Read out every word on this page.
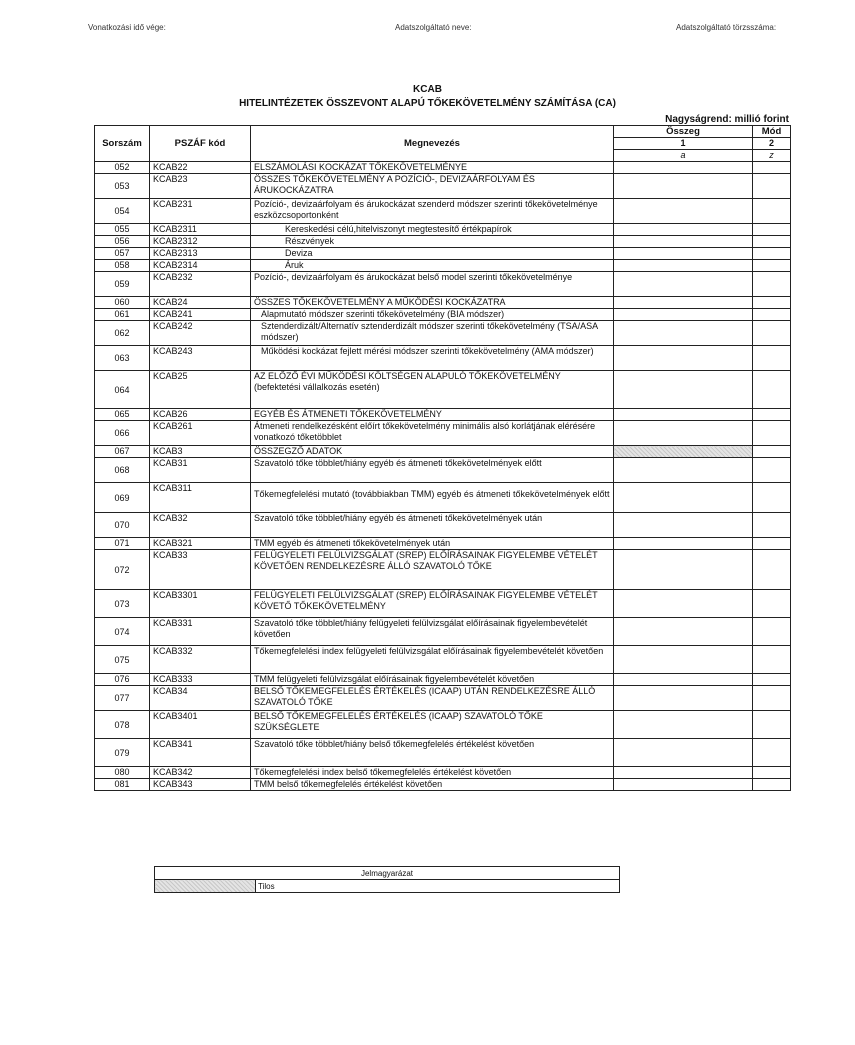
Vonatkozási idő vége:	Adatszolgáltató neve:	Adatszolgáltató törzsszáma:
KCAB
HITELINTÉZETEK ÖSSZEVONT ALAPÚ TŐKEKÖVETELMÉNY SZÁMÍTÁSA (CA)
Nagyságrend: millió forint
Sorszám	PSZÁF kód	Megnevezés	Összeg	Mód
			1	2
			a	z
052	KCAB22	ELSZÁMOLÁSI KOCKÁZAT TŐKEKÖVETELMÉNYE		
053	KCAB23	ÖSSZES TŐKEKÖVETELMÉNY A POZÍCIÓ-, DEVIZAÁRFOLYAM ÉS ÁRUKOCKÁZATRA		
054	KCAB231	Pozíció-, devizaárfolyam és árukockázat szenderd módszer szerinti tőkekövetelménye eszközcsoportonként		
055	KCAB2311	Kereskedési célú,hitelviszonyt megtestesítő értékpapírok		
056	KCAB2312	Részvények		
057	KCAB2313	Deviza		
058	KCAB2314	Áruk		
059	KCAB232	Pozíció-, devizaárfolyam és árukockázat belső model szerinti tőkekövetelménye		
060	KCAB24	ÖSSZES TŐKEKÖVETELMÉNY A MŰKÖDÉSI KOCKÁZATRA		
061	KCAB241	Alapmutató módszer szerinti tőkekövetelmény (BIA módszer)		
062	KCAB242	Sztenderdizált/Alternatív sztenderdizált módszer szerinti tőkekövetelmény (TSA/ASA módszer)		
063	KCAB243	Működési kockázat fejlett mérési módszer szerinti tőkekövetelmény (AMA módszer)		
064	KCAB25	AZ ELŐZŐ ÉVI MŰKÖDÉSI KÖLTSÉGEN ALAPULÓ TŐKEKÖVETELMÉNY
(befektetési vállalkozás esetén)		
065	KCAB26	EGYÉB ÉS ÁTMENETI TŐKEKÖVETELMÉNY		
066	KCAB261	Átmeneti rendelkezésként előírt tőkekövetelmény minimális alsó korlátjának elérésére vonatkozó tőketöbblet		
067	KCAB3	ÖSSZEGZŐ ADATOK		
068	KCAB31	Szavatoló tőke többlet/hiány egyéb és átmeneti tőkekövetelmények előtt		
069	KCAB311	Tőkemegfelelési mutató (továbbiakban TMM) egyéb és átmeneti tőkekövetelmények előtt		
070	KCAB32	Szavatoló tőke többlet/hiány egyéb és átmeneti tőkekövetelmények után		
071	KCAB321	TMM egyéb és átmeneti tőkekövetelmények után		
072	KCAB33	FELÜGYELETI FELÜLVIZSGÁLAT (SREP) ELŐÍRÁSAINAK FIGYELEMBE VÉTELÉT KÖVETŐEN RENDELKEZÉSRE ÁLLÓ SZAVATOLÓ TŐKE		
073	KCAB3301	FELÜGYELETI FELÜLVIZSGÁLAT (SREP) ELŐÍRÁSAINAK FIGYELEMBE VÉTELÉT KÖVETŐ TŐKEKÖVETELMÉNY		
074	KCAB331	Szavatoló tőke többlet/hiány felügyeleti felülvizsgálat előírásainak figyelembevételét követően		
075	KCAB332	Tőkemegfelelési index felügyeleti felülvizsgálat előírásainak figyelembevételét követően		
076	KCAB333	TMM felügyeleti felülvizsgálat előírásainak figyelembevételét követően		
077	KCAB34	BELSŐ TŐKEMEGFELELÉS ÉRTÉKELÉS (ICAAP) UTÁN RENDELKEZÉSRE ÁLLÓ SZAVATOLÓ TŐKE		
078	KCAB3401	BELSŐ TŐKEMEGFELELÉS ÉRTÉKELÉS (ICAAP) SZAVATOLÓ TŐKE SZÜKSÉGLETE		
079	KCAB341	Szavatoló tőke többlet/hiány belső tőkemegfelelés értékelést követően		
080	KCAB342	Tőkemegfelelési index belső tőkemegfelelés értékelést követően		
081	KCAB343	TMM belső tőkemegfelelés értékelést követően		
Jelmagyarázat
	Tilos
